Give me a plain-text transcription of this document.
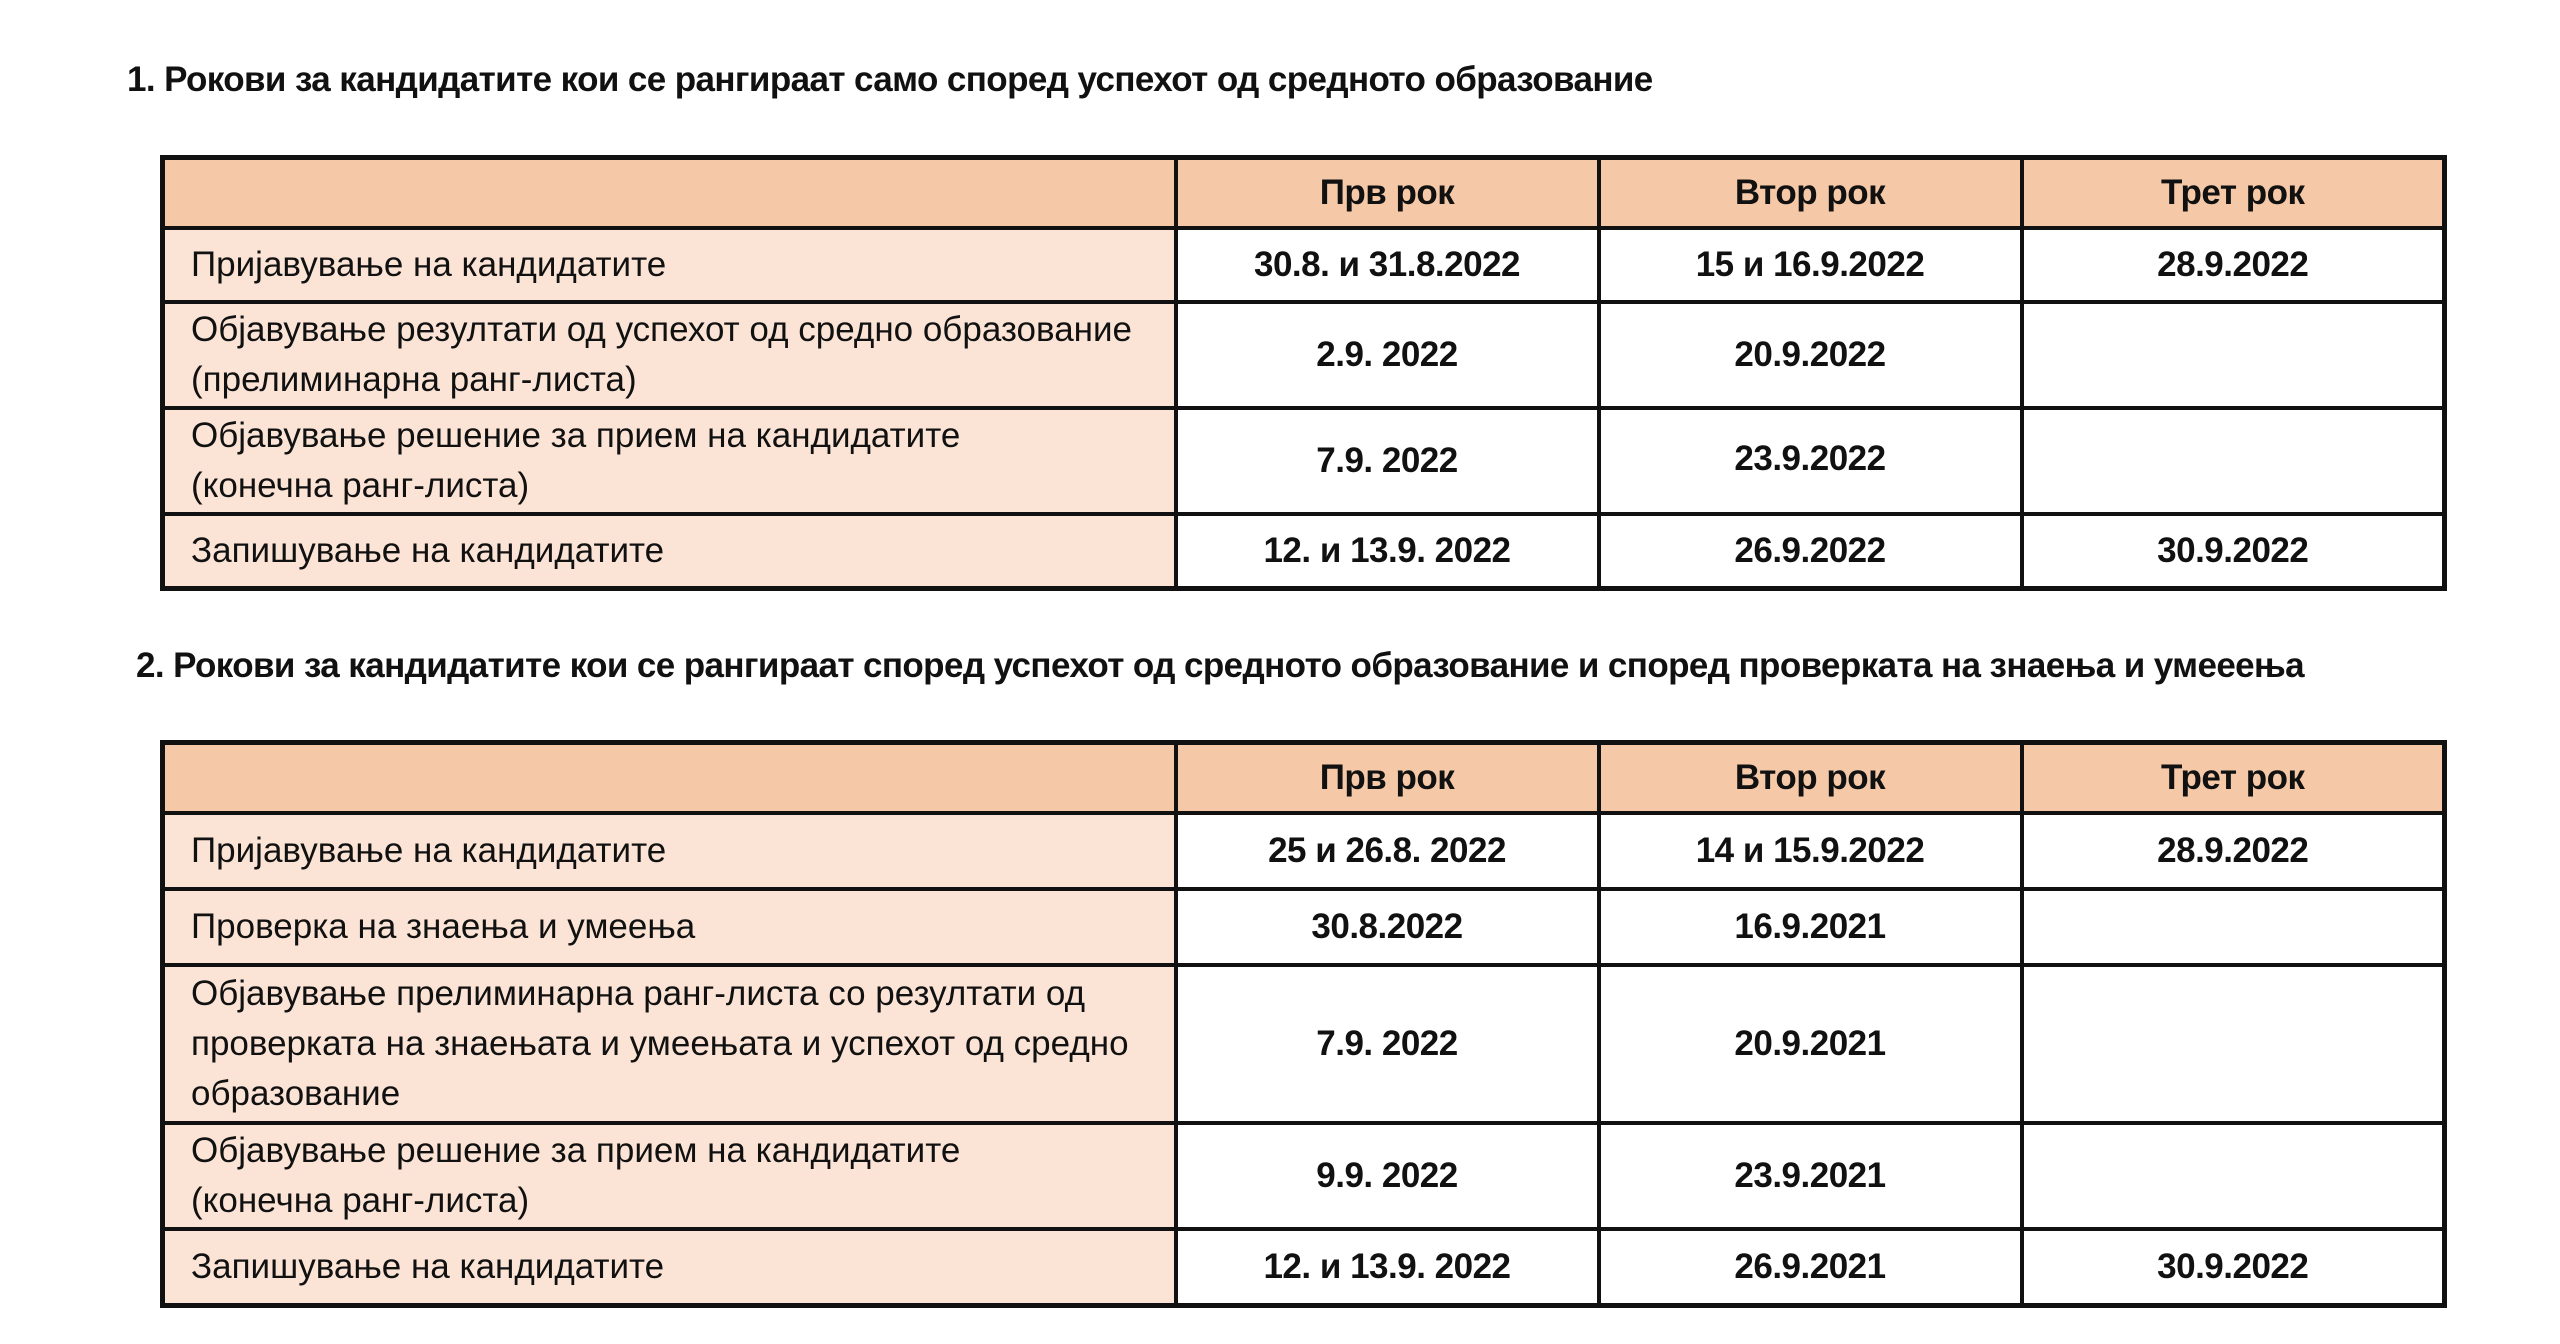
1. Рокови за кандидатите кои се рангираат само според успехот од средното образование
	Прв рок	Втор рок	Трет рок

Пријавување на кандидатите	30.8. и 31.8.2022	15 и 16.9.2022	28.9.2022

Објавување резултати од успехот од средно образование
(прелиминарна ранг-листа)	2.9. 2022	20.9.2022	

Објавување решение за прием на кандидатите
(конечна ранг-листа)	7.9. 2022	23.9.2022	

Запишување на кандидатите	12. и 13.9. 2022	26.9.2022	30.9.2022
2. Рокови за кандидатите кои се рангираат според успехот од средното образование и според проверката на знаења и умееења
	Прв рок	Втор рок	Трет рок

Пријавување на кандидатите	25 и 26.8. 2022	14 и 15.9.2022	28.9.2022

Проверка на знаења и умеења	30.8.2022	16.9.2021	

Објавување прелиминарна ранг-листа со резултати од
проверката на знаењата и умеењата и успехот од средно
образование	7.9. 2022	20.9.2021	

Објавување решение за прием на кандидатите
(конечна ранг-листа)	9.9. 2022	23.9.2021	

Запишување на кандидатите	12. и 13.9. 2022	26.9.2021	30.9.2022
